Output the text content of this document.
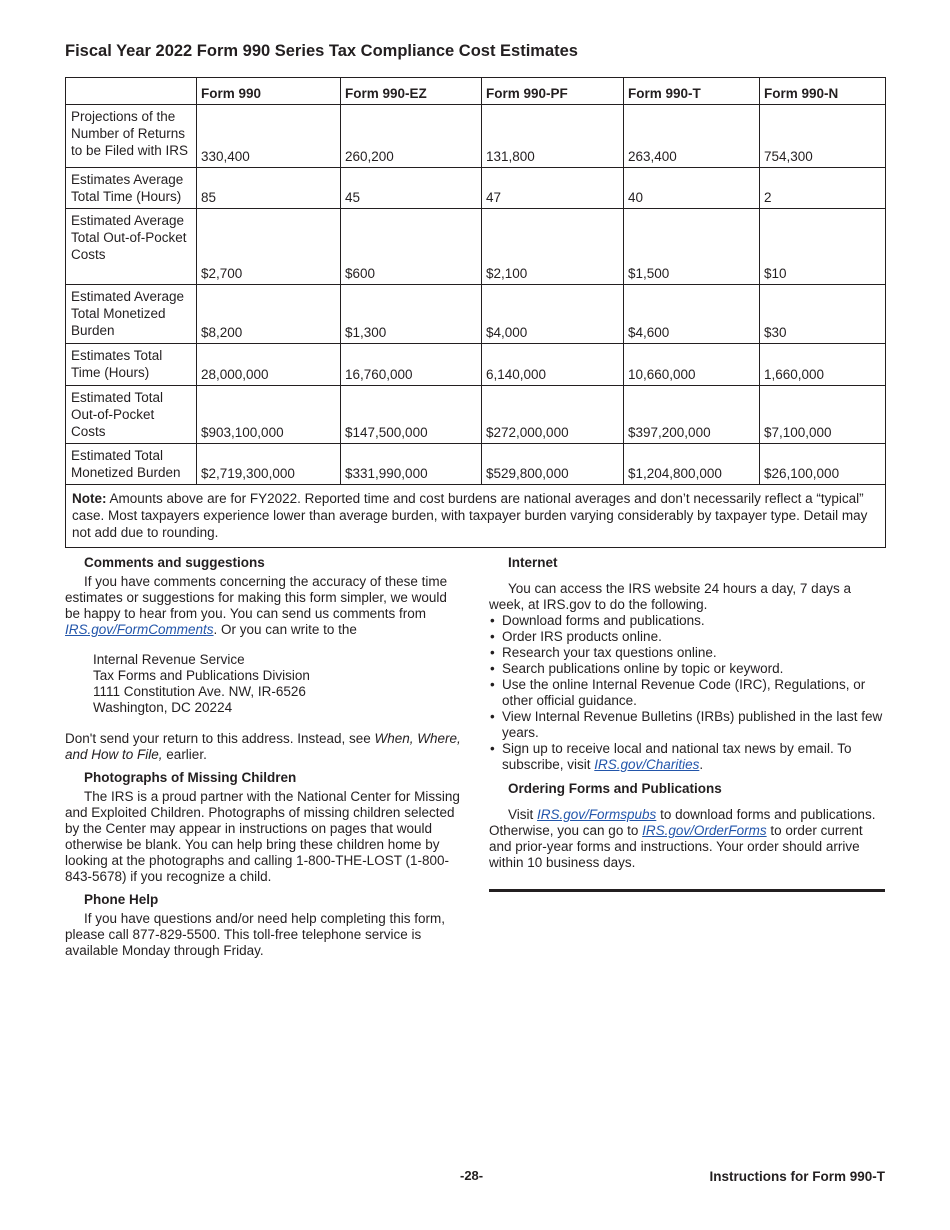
Fiscal Year 2022 Form 990 Series Tax Compliance Cost Estimates
	Form 990	Form 990-EZ	Form 990-PF	Form 990-T	Form 990-N
Projections of the Number of Returns to be Filed with IRS	330,400	260,200	131,800	263,400	754,300
Estimates Average Total Time (Hours)	85	45	47	40	2
Estimated Average Total Out-of-Pocket Costs	$2,700	$600	$2,100	$1,500	$10
Estimated Average Total Monetized Burden	$8,200	$1,300	$4,000	$4,600	$30
Estimates Total Time (Hours)	28,000,000	16,760,000	6,140,000	10,660,000	1,660,000
Estimated Total Out-of-Pocket Costs	$903,100,000	$147,500,000	$272,000,000	$397,200,000	$7,100,000
Estimated Total Monetized Burden	$2,719,300,000	$331,990,000	$529,800,000	$1,204,800,000	$26,100,000
Note: Amounts above are for FY2022. Reported time and cost burdens are national averages and don’t necessarily reflect a “typical” case. Most taxpayers experience lower than average burden, with taxpayer burden varying considerably by taxpayer type. Detail may not add due to rounding.					
Comments and suggestions

If you have comments concerning the accuracy of these time estimates or suggestions for making this form simpler, we would be happy to hear from you. You can send us comments from IRS.gov/FormComments. Or you can write to the

Internal Revenue Service
Tax Forms and Publications Division
1111 Constitution Ave. NW, IR-6526
Washington, DC 20224

Don't send your return to this address. Instead, see When, Where, and How to File, earlier.

Photographs of Missing Children

The IRS is a proud partner with the National Center for Missing and Exploited Children. Photographs of missing children selected by the Center may appear in instructions on pages that would otherwise be blank. You can help bring these children home by looking at the photographs and calling 1-800-THE-LOST (1-800-843-5678) if you recognize a child.

Phone Help

If you have questions and/or need help completing this form, please call 877-829-5500. This toll-free telephone service is available Monday through Friday.

Internet

You can access the IRS website 24 hours a day, 7 days a week, at IRS.gov to do the following.

• Download forms and publications.
• Order IRS products online.
• Research your tax questions online.
• Search publications online by topic or keyword.
• Use the online Internal Revenue Code (IRC), Regulations, or other official guidance.
• View Internal Revenue Bulletins (IRBs) published in the last few years.
• Sign up to receive local and national tax news by email. To subscribe, visit IRS.gov/Charities.
Ordering Forms and Publications

Visit IRS.gov/Formspubs to download forms and publications. Otherwise, you can go to IRS.gov/OrderForms to order current and prior-year forms and instructions. Your order should arrive within 10 business days.

-28-	Instructions for Form 990-T
